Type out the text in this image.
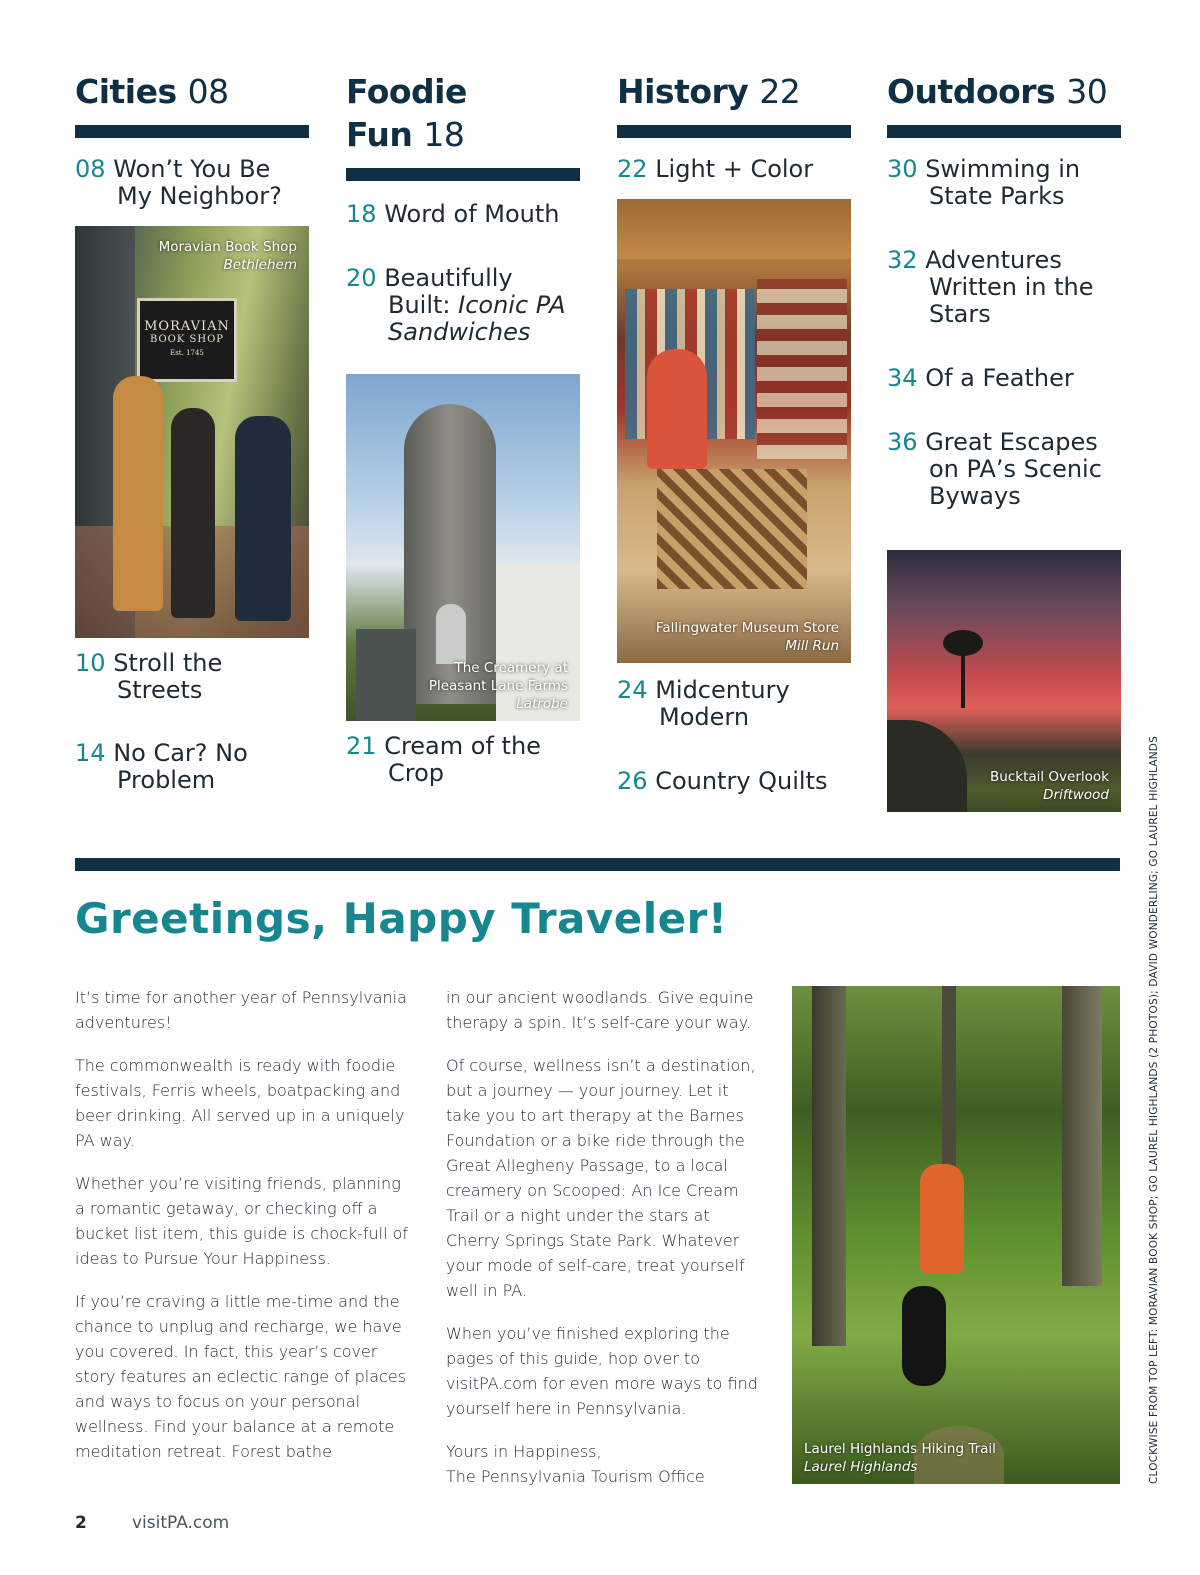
Cities 08
08 Won’t You Be My Neighbor?
MORAVIAN
BOOK SHOP
Est. 1745
Moravian Book Shop
Bethlehem
10 Stroll the Streets
14 No Car? No Problem
Foodie Fun 18
18 Word of Mouth
20 Beautifully Built: Iconic PA Sandwiches
The Creamery at Pleasant Lane Farms
Latrobe
21 Cream of the Crop
History 22
22 Light + Color
Fallingwater Museum Store
Mill Run
24 Midcentury Modern
26 Country Quilts
Outdoors 30
30 Swimming in State Parks
32 Adventures Written in the Stars
34 Of a Feather
36 Great Escapes on PA’s Scenic Byways
Bucktail Overlook
Driftwood
Greetings, Happy Traveler!

It’s time for another year of Pennsylvania adventures!

The commonwealth is ready with foodie festivals, Ferris wheels, boatpacking and beer drinking. All served up in a uniquely PA way.

Whether you’re visiting friends, planning a romantic getaway, or checking off a bucket list item, this guide is chock-full of ideas to Pursue Your Happiness.

If you’re craving a little me-time and the chance to unplug and recharge, we have you covered. In fact, this year’s cover story features an eclectic range of places and ways to focus on your personal wellness. Find your balance at a remote meditation retreat. Forest bathe

in our ancient woodlands. Give equine therapy a spin. It’s self-care your way.

Of course, wellness isn’t a destination, but a journey — your journey. Let it take you to art therapy at the Barnes Foundation or a bike ride through the Great Allegheny Passage, to a local creamery on Scooped: An Ice Cream Trail or a night under the stars at Cherry Springs State Park. Whatever your mode of self-care, treat yourself well in PA.

When you’ve finished exploring the pages of this guide, hop over to visitPA.com for even more ways to find yourself here in Pennsylvania.

Yours in Happiness,
The Pennsylvania Tourism Office
Laurel Highlands Hiking Trail
Laurel Highlands	CLOCKWISE FROM TOP LEFT: MORAVIAN BOOK SHOP; GO LAUREL HIGHLANDS (2 PHOTOS); DAVID WONDERLING; GO LAUREL HIGHLANDS
2	visitPA.com
